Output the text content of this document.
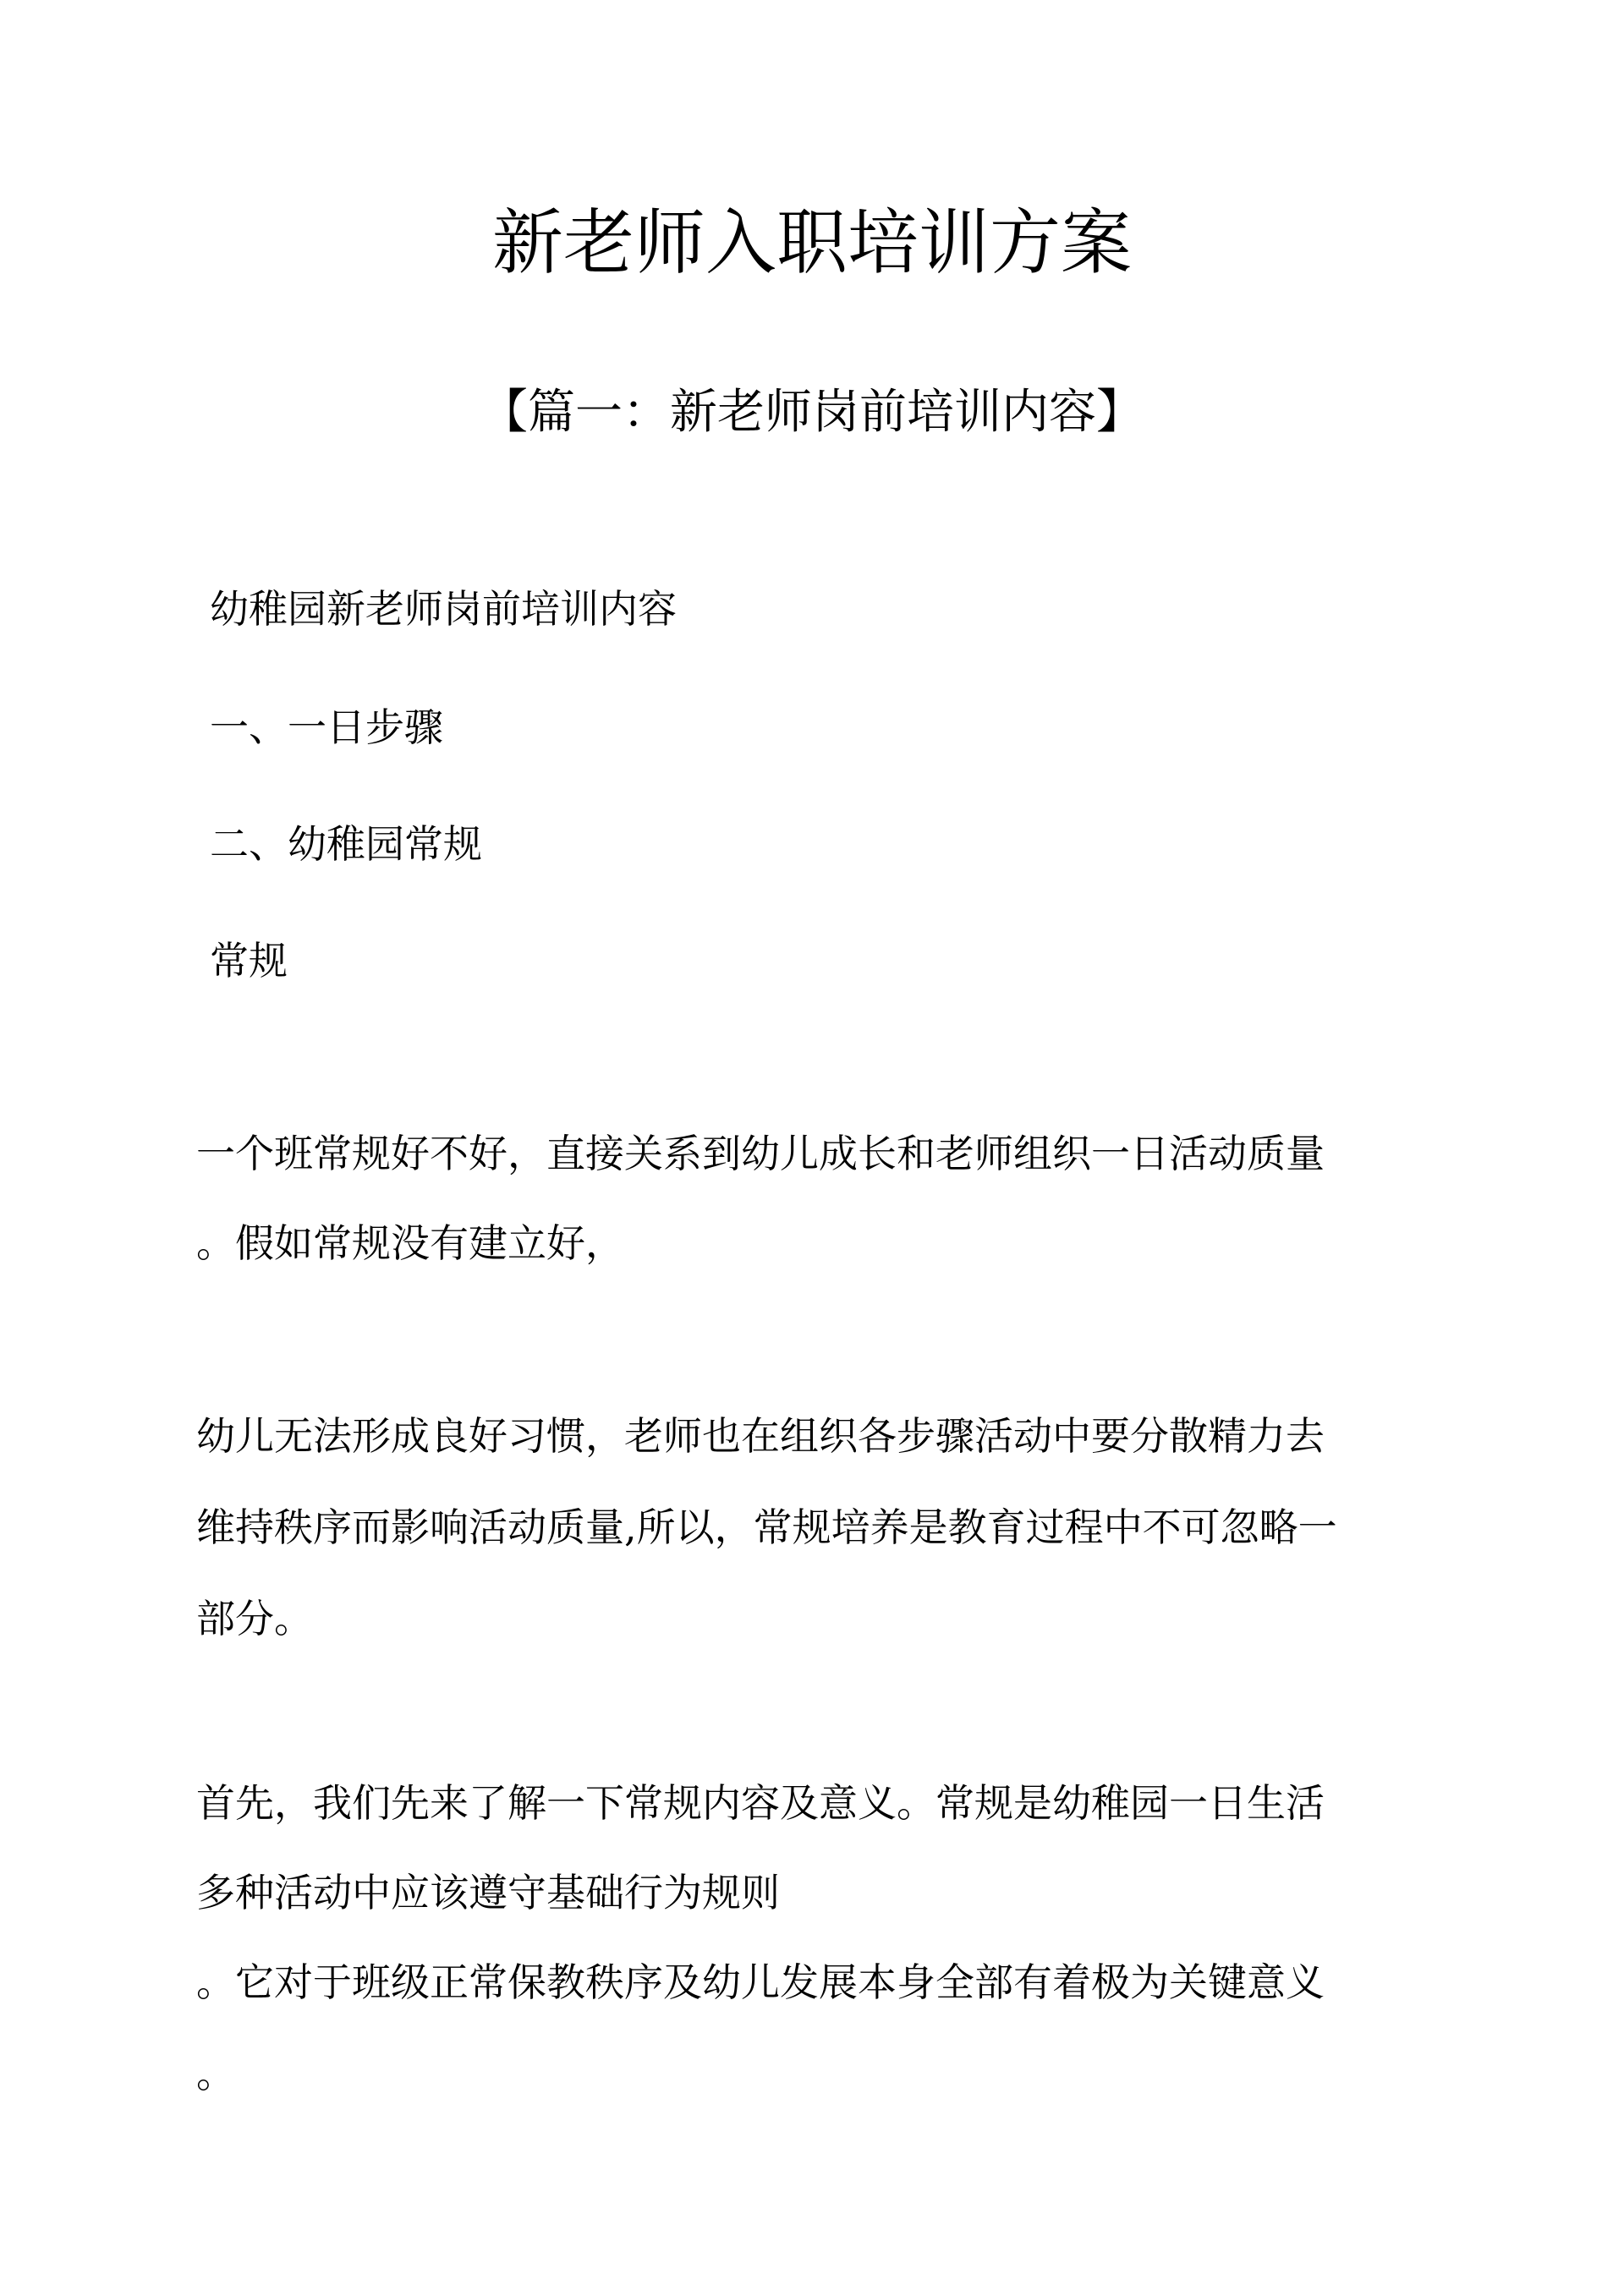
新老师入职培训方案
【篇一：新老师岗前培训内容】
幼稚园新老师岗前培训内容
一、一日步骤
二、幼稚园常规
常规
一个班常规好不好，直接关系到幼儿成长和老师组织一日活动质量
。假如常规没有建立好，
幼儿无法形成良好习惯，老师也在组织各步骤活动中要分散精力去
维持秩序而影响活动质量,所以，常规培养是教育过程中不可忽略一
部分。
首先，我们先来了解一下常规内容及意义。常规是幼稚园一日生活
多种活动中应该遵守基础行为规则
。它对于班级正常保教秩序及幼儿发展本身全部有着极为关键意义
。
